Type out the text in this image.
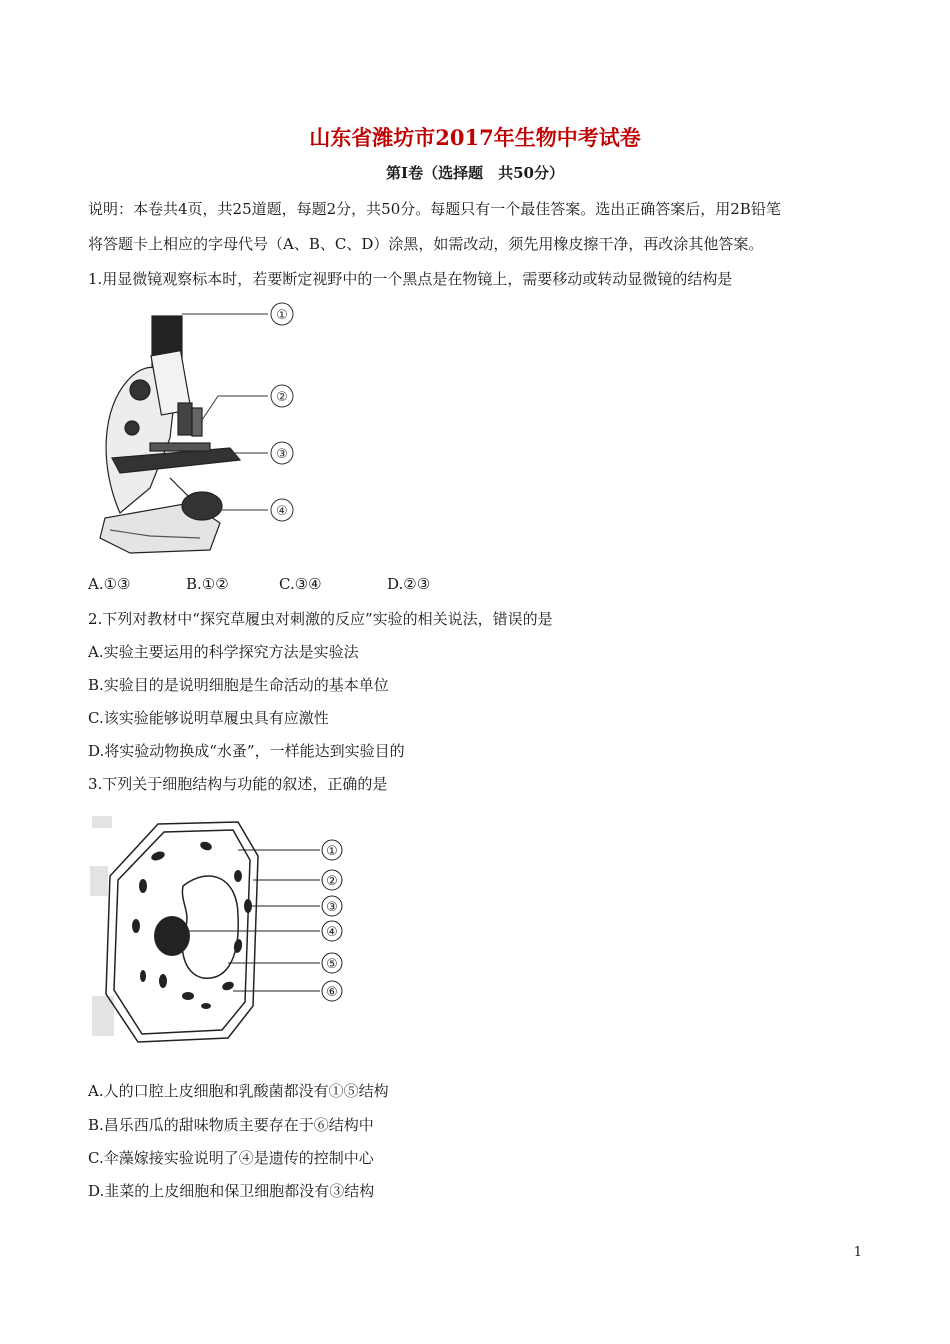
山东省潍坊市2017年生物中考试卷
第Ⅰ卷（选择题　共50分）
说明：本卷共4页，共25道题，每题2分，共50分。每题只有一个最佳答案。选出正确答案后，用2B铅笔
将答题卡上相应的字母代号（A、B、C、D）涂黑，如需改动，须先用橡皮擦干净，再改涂其他答案。
1.用显微镜观察标本时，若要断定视野中的一个黑点是在物镜上，需要移动或转动显微镜的结构是
①
②
③
④
A.①③	B.①②	C.③④	D.②③
2.下列对教材中“探究草履虫对刺激的反应”实验的相关说法，错误的是
A.实验主要运用的科学探究方法是实验法
B.实验目的是说明细胞是生命活动的基本单位
C.该实验能够说明草履虫具有应激性
D.将实验动物换成“水蚤”，一样能达到实验目的
3.下列关于细胞结构与功能的叙述，正确的是
①
②
③
④
⑤
⑥
A.人的口腔上皮细胞和乳酸菌都没有①⑤结构
B.昌乐西瓜的甜味物质主要存在于⑥结构中
C.伞藻嫁接实验说明了④是遗传的控制中心
D.韭菜的上皮细胞和保卫细胞都没有③结构
1
